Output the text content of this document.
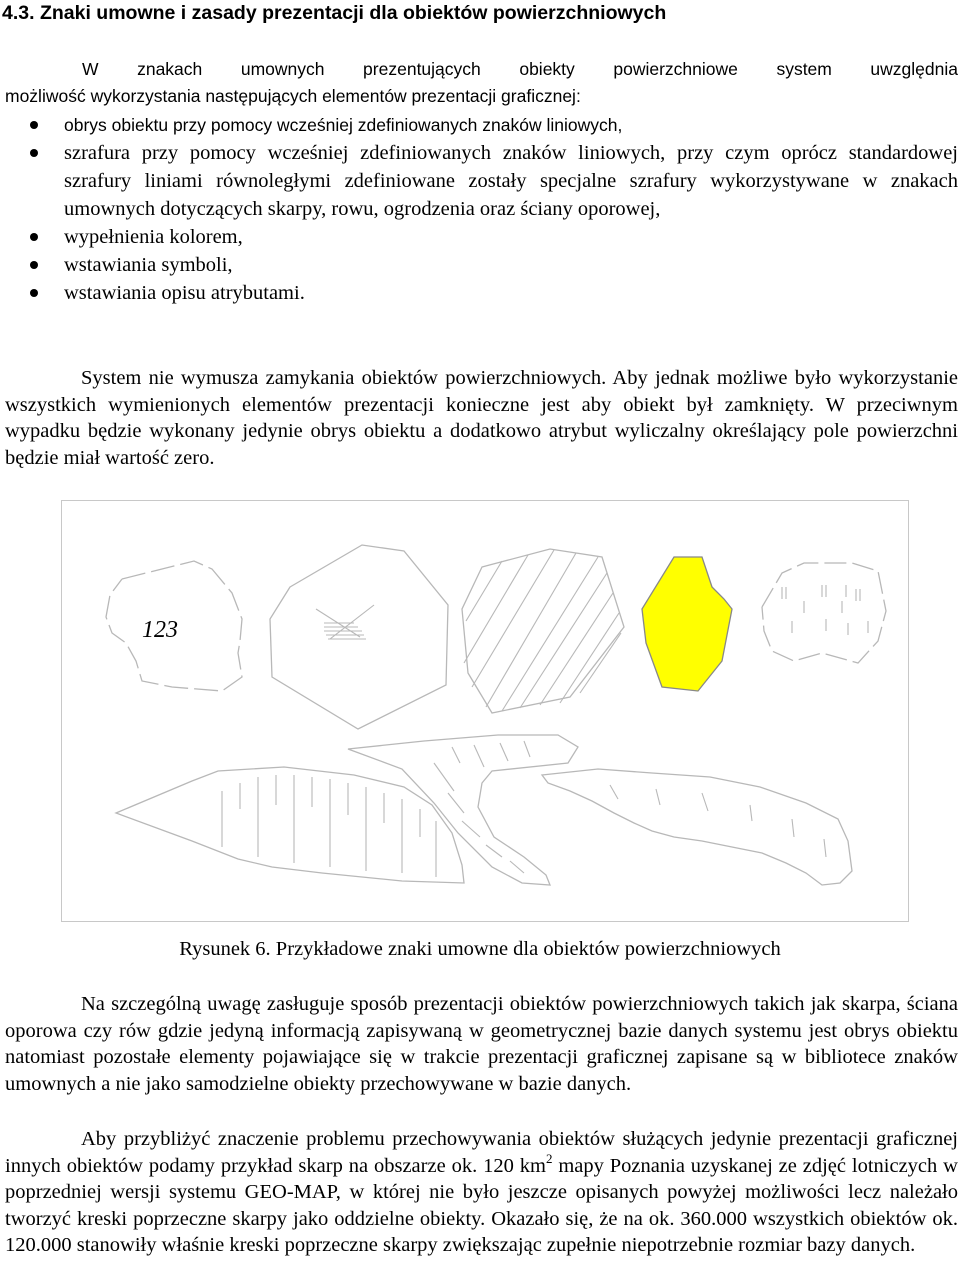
4.3. Znaki umowne i zasady prezentacji dla obiektów powierzchniowych
W znakach umownych prezentujących obiekty powierzchniowe system uwzględnia
możliwość wykorzystania następujących elementów prezentacji graficznej:
obrys obiektu przy pomocy wcześniej zdefiniowanych znaków liniowych,
szrafura przy pomocy wcześniej zdefiniowanych znaków liniowych, przy czym oprócz standardowej szrafury liniami równoległymi zdefiniowane zostały specjalne szrafury wykorzystywane w znakach umownych dotyczących skarpy, rowu, ogrodzenia oraz ściany oporowej,
wypełnienia kolorem,
wstawiania symboli,
wstawiania opisu atrybutami.

System nie wymusza zamykania obiektów powierzchniowych. Aby jednak możliwe było wykorzystanie wszystkich wymienionych elementów prezentacji konieczne jest aby obiekt był zamknięty. W przeciwnym wypadku będzie wykonany jedynie obrys obiektu a dodatkowo atrybut wyliczalny określający pole powierzchni będzie miał wartość zero.

123
Rysunek 6. Przykładowe znaki umowne dla obiektów powierzchniowych

Na szczególną uwagę zasługuje sposób prezentacji obiektów powierzchniowych takich jak skarpa, ściana oporowa czy rów gdzie jedyną informacją zapisywaną w geometrycznej bazie danych systemu jest obrys obiektu natomiast pozostałe elementy pojawiające się w trakcie prezentacji graficznej zapisane są w bibliotece znaków umownych a nie jako samodzielne obiekty przechowywane w bazie danych.

Aby przybliżyć znaczenie problemu przechowywania obiektów służących jedynie prezentacji graficznej innych obiektów podamy przykład skarp na obszarze ok. 120 $km^2$ mapy Poznania uzyskanej ze zdjęć lotniczych w poprzedniej wersji systemu GEO-MAP, w której nie było jeszcze opisanych powyżej możliwości lecz należało tworzyć kreski poprzeczne skarpy jako oddzielne obiekty. Okazało się, że na ok. 360.000 wszystkich obiektów ok. 120.000 stanowiły właśnie kreski poprzeczne skarpy zwiększając zupełnie niepotrzebnie rozmiar bazy danych.
